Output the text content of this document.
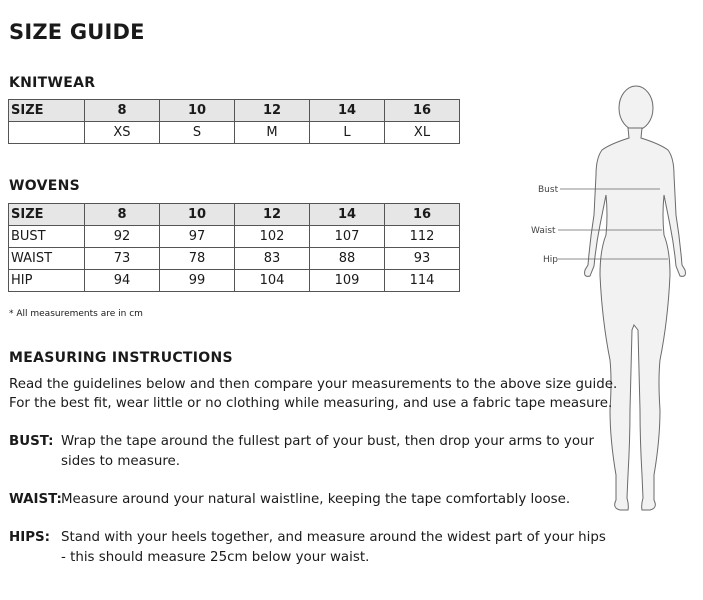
SIZE GUIDE
KNITWEAR
SIZE	8	10	12	14	16
	XS	S	M	L	XL
WOVENS
SIZE	8	10	12	14	16
BUST	92	97	102	107	112
WAIST	73	78	83	88	93
HIP	94	99	104	109	114
* All measurements are in cm
Bust
Waist
Hip
MEASURING INSTRUCTIONS
Read the guidelines below and then compare your measurements to the above size guide.
For the best fit, wear little or no clothing while measuring, and use a fabric tape measure.
BUST: Wrap the tape around the fullest part of your bust, then drop your arms to your
sides to measure.
WAIST: Measure around your natural waistline, keeping the tape comfortably loose.
HIPS: Stand with your heels together, and measure around the widest part of your hips
- this should measure 25cm below your waist.
